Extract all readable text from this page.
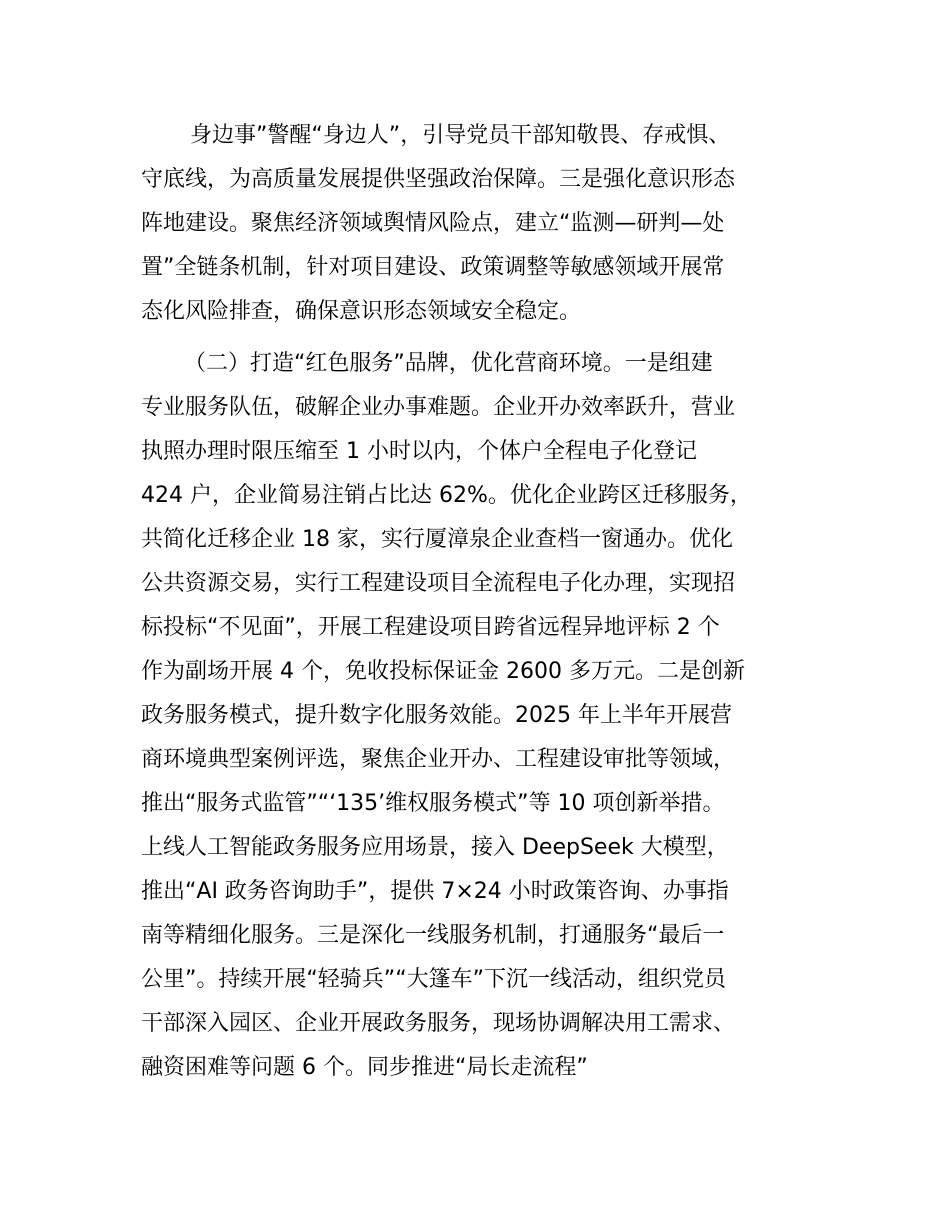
身边事”警醒“身边人”，引导党员干部知敬畏、存戒惧、
守底线，为高质量发展提供坚强政治保障。三是强化意识形态
阵地建设。聚焦经济领域舆情风险点，建立“监测—研判—处
置”全链条机制，针对项目建设、政策调整等敏感领域开展常
态化风险排查，确保意识形态领域安全稳定。
（二）打造“红色服务”品牌，优化营商环境。一是组建
专业服务队伍，破解企业办事难题。企业开办效率跃升，营业
执照办理时限压缩至 1 小时以内，个体户全程电子化登记
424 户，企业简易注销占比达 62%。优化企业跨区迁移服务，
共简化迁移企业 18 家，实行厦漳泉企业查档一窗通办。优化
公共资源交易，实行工程建设项目全流程电子化办理，实现招
标投标“不见面”，开展工程建设项目跨省远程异地评标 2 个
作为副场开展 4 个，免收投标保证金 2600 多万元。二是创新
政务服务模式，提升数字化服务效能。2025 年上半年开展营
商环境典型案例评选，聚焦企业开办、工程建设审批等领域，
推出“服务式监管”“‘135’维权服务模式”等 10 项创新举措。
上线人工智能政务服务应用场景，接入 DeepSeek 大模型，
推出“AI 政务咨询助手”，提供 7×24 小时政策咨询、办事指
南等精细化服务。三是深化一线服务机制，打通服务“最后一
公里”。持续开展“轻骑兵”“大篷车”下沉一线活动，组织党员
干部深入园区、企业开展政务服务，现场协调解决用工需求、
融资困难等问题 6 个。同步推进“局长走流程”
